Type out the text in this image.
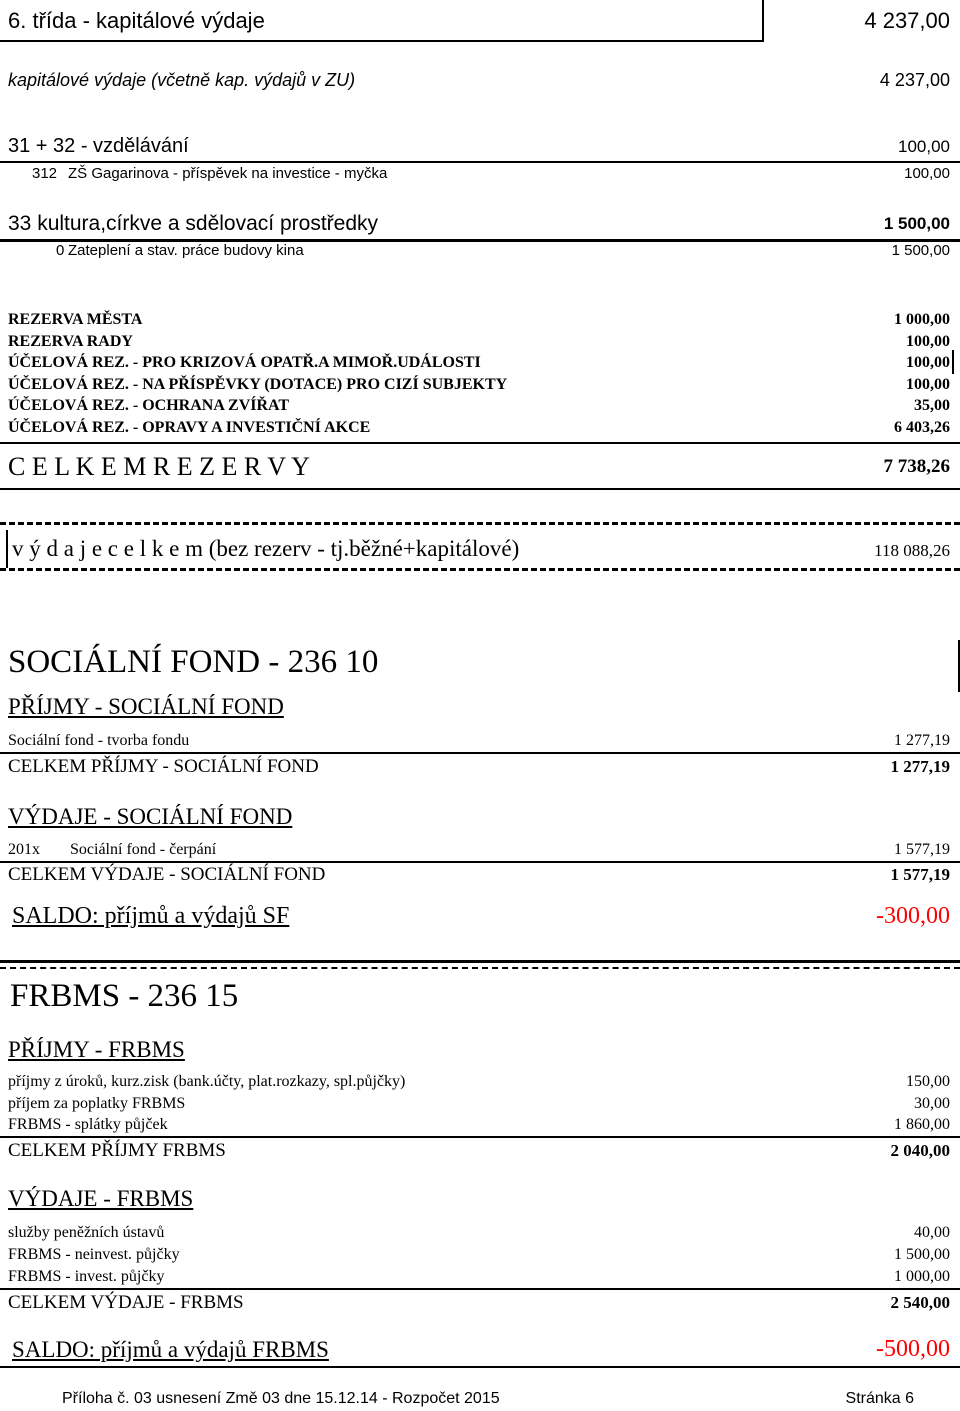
6. třída - kapitálové výdaje	4 237,00
kapitálové výdaje (včetně kap. výdajů v ZU)	4 237,00
31 + 32 - vzdělávání	100,00
312 ZŠ Gagarinova - příspěvek na investice - myčka	100,00
33 kultura,církve a sdělovací prostředky	1 500,00
0 Zateplení a stav. práce budovy kina	1 500,00
REZERVA MĚSTA	1 000,00
REZERVA RADY	100,00
ÚČELOVÁ REZ. - PRO KRIZOVÁ OPATŘ.A MIMOŘ.UDÁLOSTI	100,00
ÚČELOVÁ REZ. - NA PŘÍSPĚVKY (DOTACE) PRO CIZÍ SUBJEKTY	100,00
ÚČELOVÁ REZ. - OCHRANA ZVÍŘAT	35,00
ÚČELOVÁ REZ. - OPRAVY A INVESTIČNÍ AKCE	6 403,26
C E L K E M R E Z E R V Y	7 738,26
v ý d a j e c e l k e m (bez rezerv - tj.běžné+kapitálové)	118 088,26
SOCIÁLNÍ FOND - 236 10
PŘÍJMY - SOCIÁLNÍ FOND
Sociální fond - tvorba fondu	1 277,19
CELKEM PŘÍJMY - SOCIÁLNÍ FOND	1 277,19
VÝDAJE - SOCIÁLNÍ FOND
201x Sociální fond - čerpání	1 577,19
CELKEM VÝDAJE - SOCIÁLNÍ FOND	1 577,19
SALDO: příjmů a výdajů SF	-300,00
FRBMS - 236 15
PŘÍJMY - FRBMS
příjmy z úroků, kurz.zisk (bank.účty, plat.rozkazy, spl.půjčky)	150,00
příjem za poplatky FRBMS	30,00
FRBMS - splátky půjček	1 860,00
CELKEM PŘÍJMY FRBMS	2 040,00
VÝDAJE - FRBMS
služby peněžních ústavů	40,00
FRBMS - neinvest. půjčky	1 500,00
FRBMS - invest. půjčky	1 000,00
CELKEM VÝDAJE - FRBMS	2 540,00
SALDO: příjmů a výdajů FRBMS	-500,00
Příloha č. 03 usnesení Změ 03 dne 15.12.14 - Rozpočet 2015	Stránka 6
